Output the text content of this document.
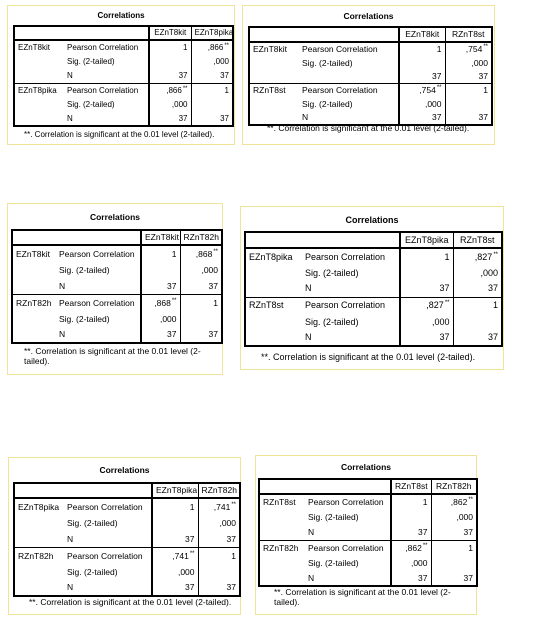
Correlations
		EZnT8kit	EZnT8pika
EZnT8kit	Pearson Correlation	1	,866**
	Sig. (2-tailed)		,000
	N	37	37
EZnT8pika	Pearson Correlation	,866**	1
	Sig. (2-tailed)	,000	
	N	37	37
**. Correlation is significant at the 0.01 level (2-tailed).
Correlations
		EZnT8kit	RZnT8st
EZnT8kit	Pearson Correlation	1	,754**
	Sig. (2-tailed)		,000
		37	37
RZnT8st	Pearson Correlation	,754**	1
	Sig. (2-tailed)	,000	
	N	37	37
**. Correlation is significant at the 0.01 level (2-tailed).
Correlations
		EZnT8kit	RZnT82h
EZnT8kit	Pearson Correlation	1	,868**
	Sig. (2-tailed)		,000
	N	37	37
RZnT82h	Pearson Correlation	,868**	1
	Sig. (2-tailed)	,000	
	N	37	37
**. Correlation is significant at the 0.01 level (2-tailed).
Correlations
		EZnT8pika	RZnT8st
EZnT8pika	Pearson Correlation	1	,827**
	Sig. (2-tailed)		,000
	N	37	37
RZnT8st	Pearson Correlation	,827**	1
	Sig. (2-tailed)	,000	
	N	37	37
**. Correlation is significant at the 0.01 level (2-tailed).
Correlations
		EZnT8pika	RZnT82h
EZnT8pika	Pearson Correlation	1	,741**
	Sig. (2-tailed)		,000
	N	37	37
RZnT82h	Pearson Correlation	,741**	1
	Sig. (2-tailed)	,000	
	N	37	37
**. Correlation is significant at the 0.01 level (2-tailed).
Correlations
		RZnT8st	RZnT82h
RZnT8st	Pearson Correlation	1	,862**
	Sig. (2-tailed)		,000
	N	37	37
RZnT82h	Pearson Correlation	,862**	1
	Sig. (2-tailed)	,000	
	N	37	37
**. Correlation is significant at the 0.01 level (2-tailed).
